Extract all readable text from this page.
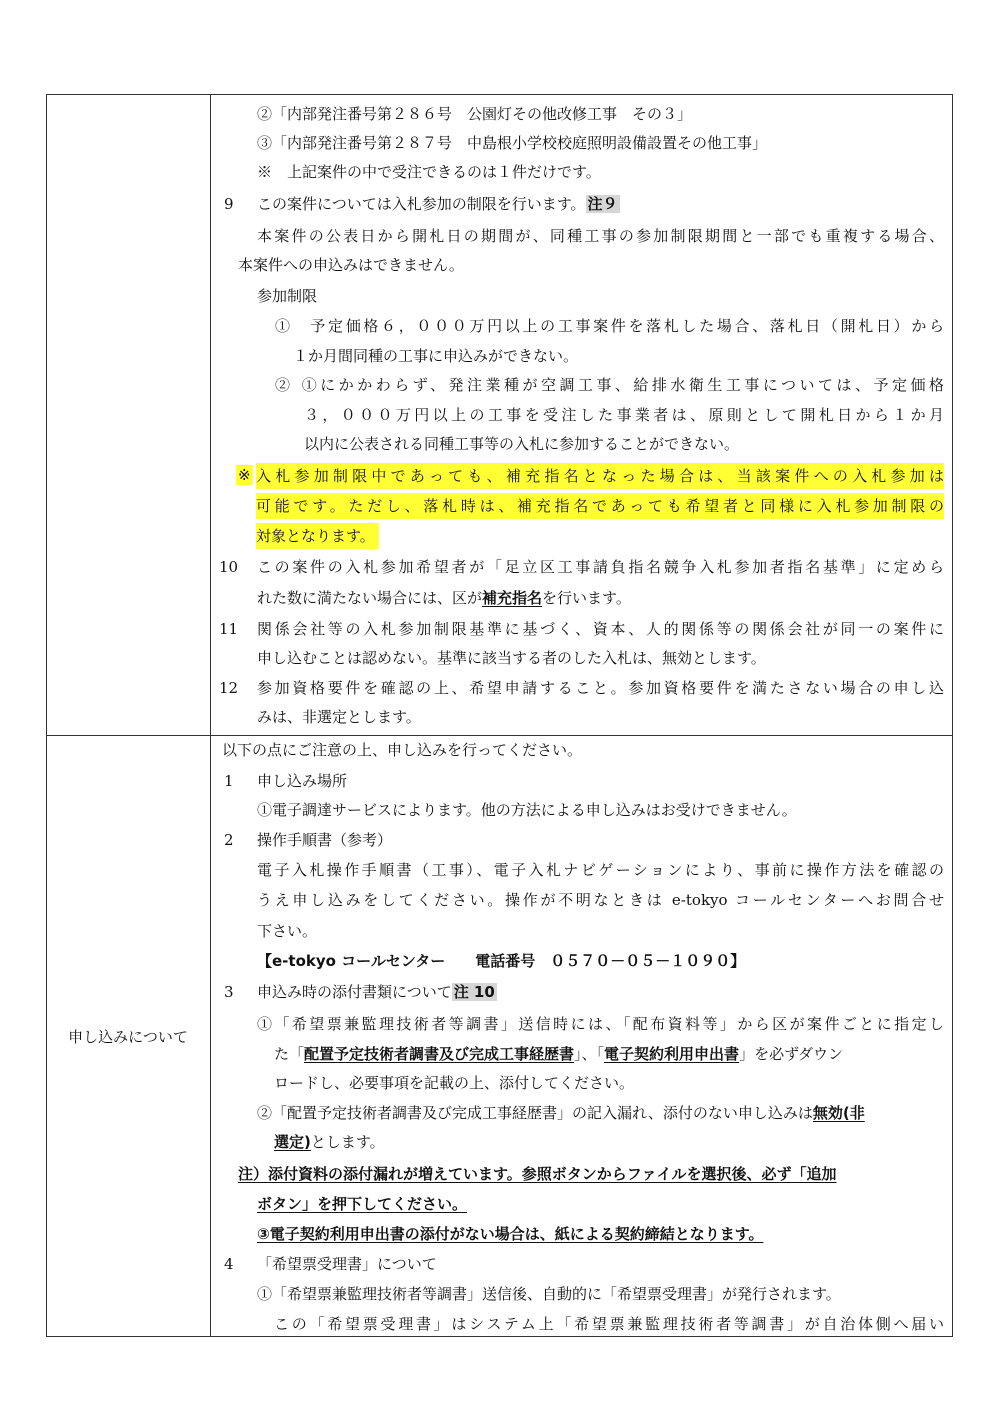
申し込みについて
②「内部発注番号第２８６号　公園灯その他改修工事　その３」
③「内部発注番号第２８７号　中島根小学校校庭照明設備設置その他工事」
※　上記案件の中で受注できるのは１件だけです。
9 この案件については入札参加の制限を行います。 注９
本案件の公表日から開札日の期間が、同種工事の参加制限期間と一部でも重複する場合、
本案件への申込みはできません。
参加制限
①　予定価格６，０００万円以上の工事案件を落札した場合、落札日（開札日）から
１か月間同種の工事に申込みができない。
② ①にかかわらず、発注業種が空調工事、給排水衛生工事については、予定価格
３，０００万円以上の工事を受注した事業者は、原則として開札日から１か月
以内に公表される同種工事等の入札に参加することができない。
※ 入札参加制限中であっても、補充指名となった場合は、当該案件への入札参加は
可能です。ただし、落札時は、補充指名であっても希望者と同様に入札参加制限の
対象となります。
10 この案件の入札参加希望者が「足立区工事請負指名競争入札参加者指名基準」に定めら
れた数に満たない場合には、区が補充指名を行います。
11 関係会社等の入札参加制限基準に基づく、資本、人的関係等の関係会社が同一の案件に
申し込むことは認めない。基準に該当する者のした入札は、無効とします。
12 参加資格要件を確認の上、希望申請すること。参加資格要件を満たさない場合の申し込
みは、非選定とします。
以下の点にご注意の上、申し込みを行ってください。
1 申し込み場所
①電子調達サービスによります。他の方法による申し込みはお受けできません。
2 操作手順書（参考）
電子入札操作手順書（工事）、電子入札ナビゲーションにより、事前に操作方法を確認の
うえ申し込みをしてください。操作が不明なときは e-tokyo コールセンターへお問合せ
下さい。
【e-tokyo コールセンター　　電話番号　０５７０－０５－１０９０】
3 申込み時の添付書類について 注 10
①「希望票兼監理技術者等調書」送信時には、「配布資料等」から区が案件ごとに指定し
た「配置予定技術者調書及び完成工事経歴書」、「電子契約利用申出書」を必ずダウン
ロードし、必要事項を記載の上、添付してください。
②「配置予定技術者調書及び完成工事経歴書」の記入漏れ、添付のない申し込みは無効(非
選定)とします。
注）添付資料の添付漏れが増えています。参照ボタンからファイルを選択後、必ず「追加
ボタン」を押下してください。
③電子契約利用申出書の添付がない場合は、紙による契約締結となります。
4 「希望票受理書」について
①「希望票兼監理技術者等調書」送信後、自動的に「希望票受理書」が発行されます。
この「希望票受理書」はシステム上「希望票兼監理技術者等調書」が自治体側へ届い
